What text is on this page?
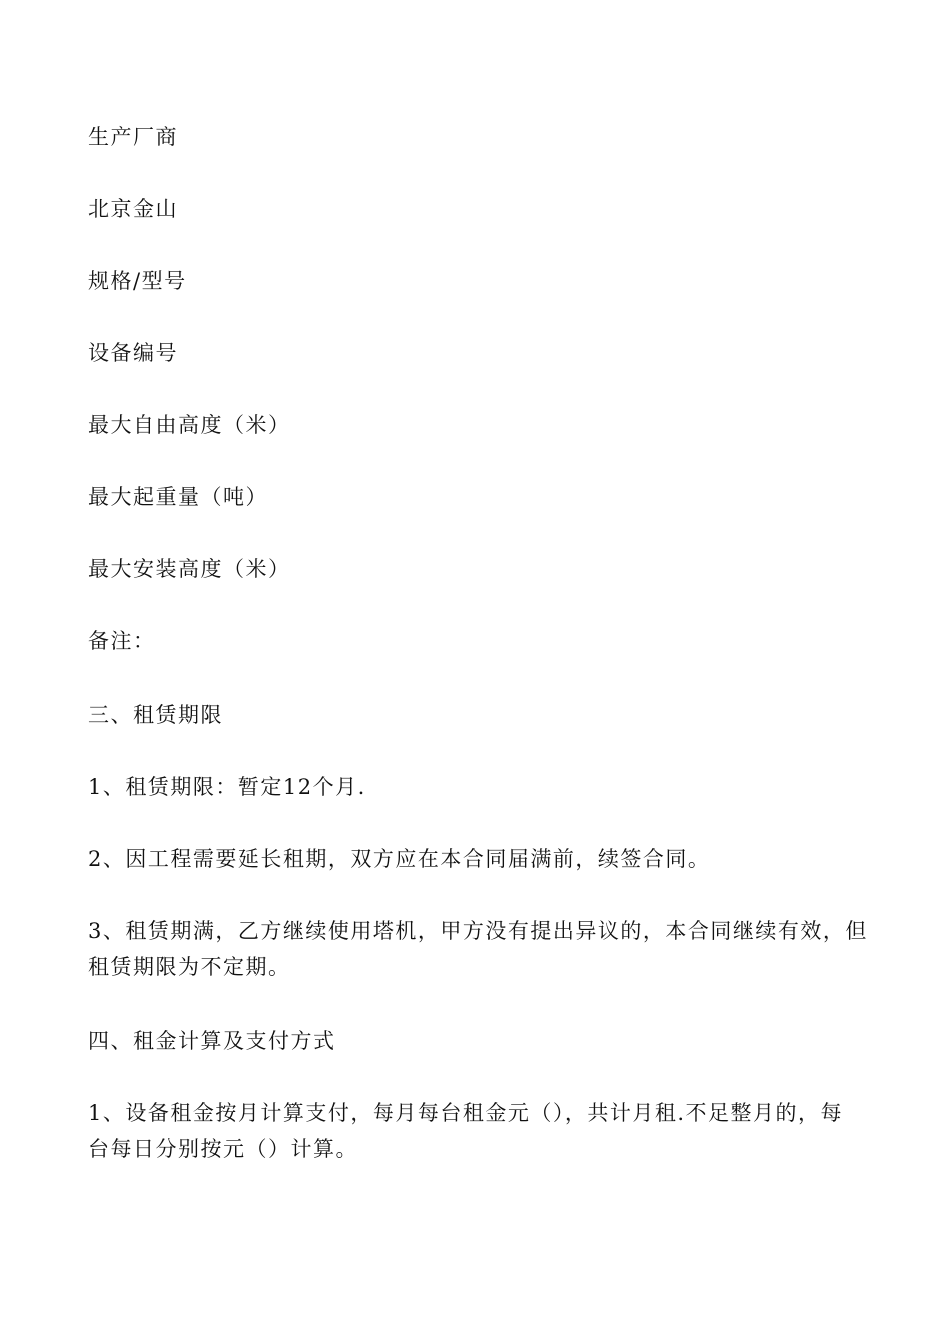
生产厂商
北京金山
规格/型号
设备编号
最大自由高度（米）
最大起重量（吨）
最大安装高度（米）
备注：
三、租赁期限
1、租赁期限：暂定12个月.
2、因工程需要延长租期，双方应在本合同届满前，续签合同。
3、租赁期满，乙方继续使用塔机，甲方没有提出异议的，本合同继续有效，但
租赁期限为不定期。
四、租金计算及支付方式
1、设备租金按月计算支付，每月每台租金元（），共计月租.不足整月的，每
台每日分别按元（）计算。
